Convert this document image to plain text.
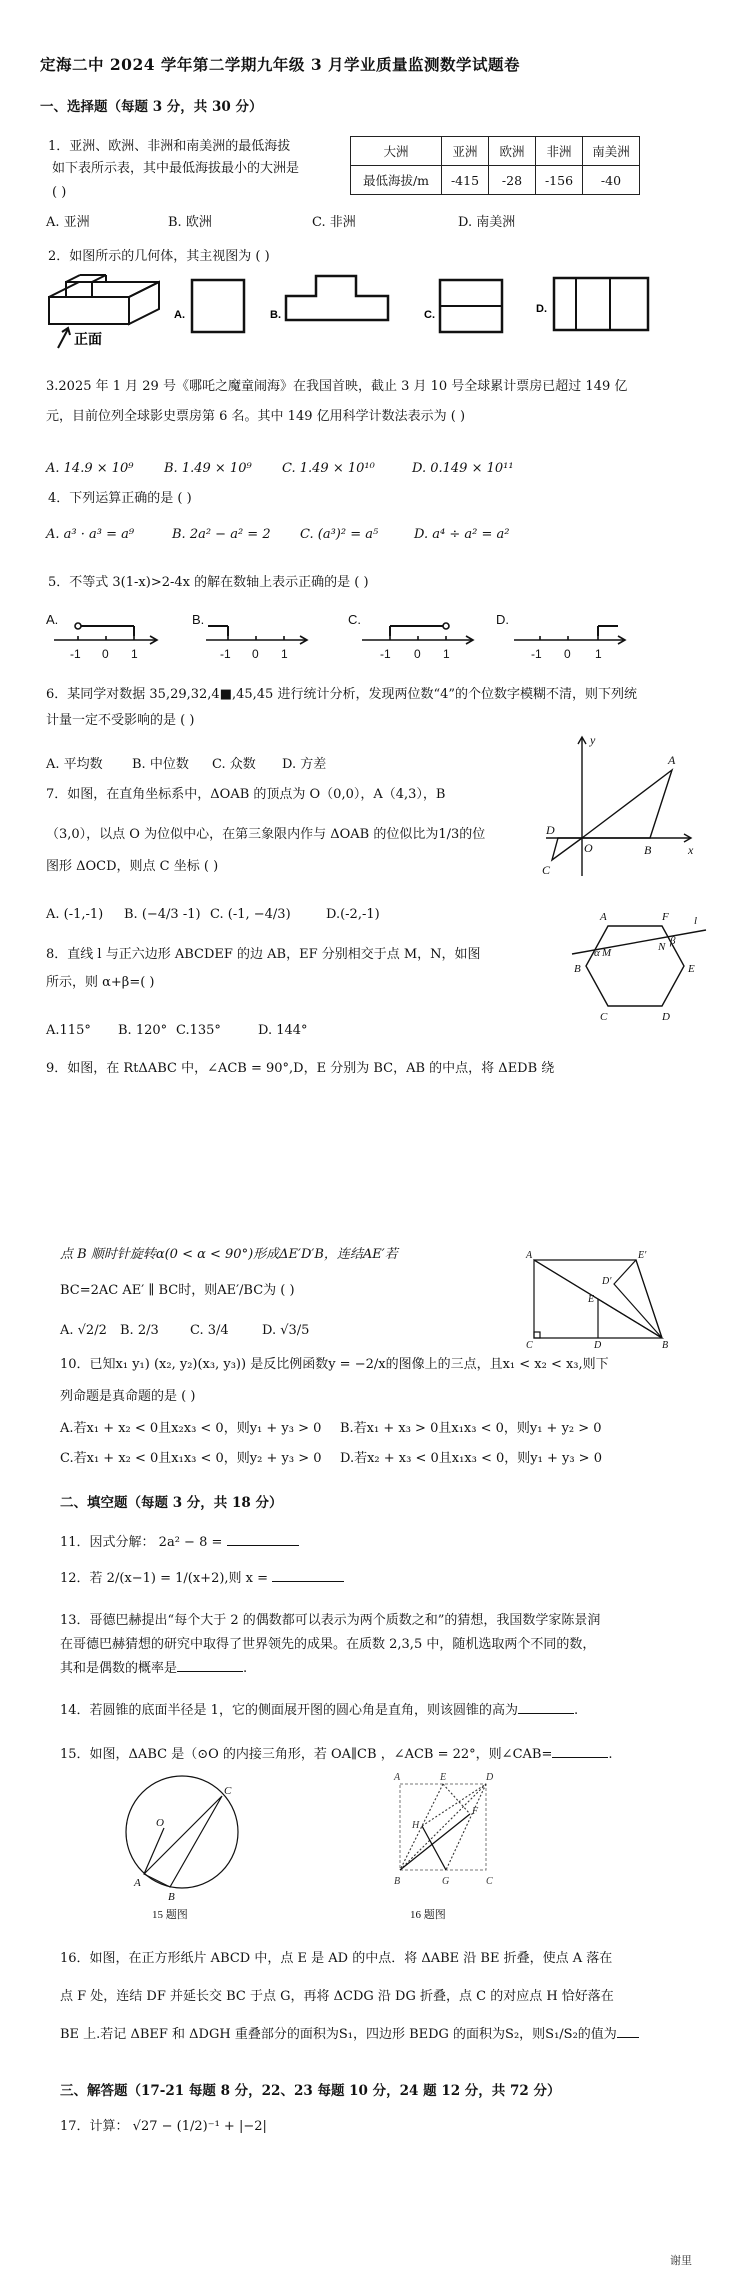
定海二中 2024 学年第二学期九年级 3 月学业质量监测数学试题卷
一、选择题（每题 3 分，共 30 分）
1．亚洲、欧洲、非洲和南美洲的最低海拔
如下表所示表，其中最低海拔最小的大洲是
( )
大洲	亚洲	欧洲	非洲	南美洲
最低海拔/m	-415	-28	-156	-40
A. 亚洲	B. 欧洲	C. 非洲	D. 南美洲
2．如图所示的几何体，其主视图为 ( )
正面
A.	B.	C.	D.
3.2025 年 1 月 29 号《哪吒之魔童闹海》在我国首映，截止 3 月 10 号全球累计票房已超过 149 亿
元，目前位列全球影史票房第 6 名。其中 149 亿用科学计数法表示为 ( )
A. 14.9 × 10⁹ B. 1.49 × 10⁹ C. 1.49 × 10¹⁰	D. 0.149 × 10¹¹
4．下列运算正确的是 ( )
A. a³ · a³ = a⁹	B. 2a² − a² = 2 C. (a³)² = a⁵	D. a⁴ ÷ a² = a²
5．不等式 3(1-x)>2-4x 的解在数轴上表示正确的是 ( )
A.	B.	C.	D.
-1 0 1	-1 0 1	-1 0 1	-1 0 1
6．某同学对数据 35,29,32,4■,45,45 进行统计分析，发现两位数“4”的个位数字模糊不清，则下列统
计量一定不受影响的是 ( )
A. 平均数 B. 中位数 C. 众数 D. 方差
y
x
A
B
O
C
D
7．如图，在直角坐标系中，ΔOAB 的顶点为 O（0,0），A（4,3），B
（3,0），以点 O 为位似中心，在第三象限内作与 ΔOAB 的位似比为1/3的位
图形 ΔOCD，则点 C 坐标 ( )
A. (-1,-1) B. (−4/3 -1) C. (-1, −4/3)	D.(-2,-1)	A	F l
B
M
α	N β
E
C	D
8．直线 l 与正六边形 ABCDEF 的边 AB，EF 分别相交于点 M，N，如图
所示，则 α+β=( )
A.115° B. 120° C.135°	D. 144°
9．如图，在 RtΔABC 中，∠ACB = 90°,D，E 分别为 BC，AB 的中点，将 ΔEDB 绕
点 B 顺时针旋转α(0 < α < 90°)形成ΔE′D′B，连结AE′若
BC=2AC AE′ ∥ BC时，则AE′/BC为 ( )
A. √2/2 B. 2/3 C. 3/4	D. √3/5
A	E′
D′
E
C	D	B
10．已知x₁ y₁) (x₂, y₂)(x₃, y₃)) 是反比例函数y = −2/x的图像上的三点，且x₁ < x₂ < x₃,则下
列命题是真命题的是 ( )
A.若x₁ + x₂ < 0且x₂x₃ < 0，则y₁ + y₃ > 0 B.若x₁ + x₃ > 0且x₁x₃ < 0，则y₁ + y₂ > 0
C.若x₁ + x₂ < 0且x₁x₃ < 0，则y₂ + y₃ > 0 D.若x₂ + x₃ < 0且x₁x₃ < 0，则y₁ + y₃ > 0
二、填空题（每题 3 分，共 18 分）
11．因式分解： 2a² − 8 =
12．若 2/(x−1) = 1/(x+2),则 x =
13．哥德巴赫提出“每个大于 2 的偶数都可以表示为两个质数之和”的猜想，我国数学家陈景润
在哥德巴赫猜想的研究中取得了世界领先的成果。在质数 2,3,5 中，随机选取两个不同的数，
其和是偶数的概率是	.
14．若圆锥的底面半径是 1，它的侧面展开图的圆心角是直角，则该圆锥的高为	.
15．如图，ΔABC 是（⊙O 的内接三角形，若 OA∥CB ，∠ACB = 22°，则∠CAB=	.
O
C
A
B
15 题图
A	E	D
F
H
B	G	C
16 题图
16．如图，在正方形纸片 ABCD 中，点 E 是 AD 的中点．将 ΔABE 沿 BE 折叠，使点 A 落在
点 F 处，连结 DF 并延长交 BC 于点 G，再将 ΔCDG 沿 DG 折叠，点 C 的对应点 H 恰好落在
BE 上.若记 ΔBEF 和 ΔDGH 重叠部分的面积为S₁，四边形 BEDG 的面积为S₂，则S₁/S₂的值为
三、解答题（17-21 每题 8 分，22、23 每题 10 分，24 题 12 分，共 72 分）
17．计算： √27 − (1/2)⁻¹ + |−2|
谢里
